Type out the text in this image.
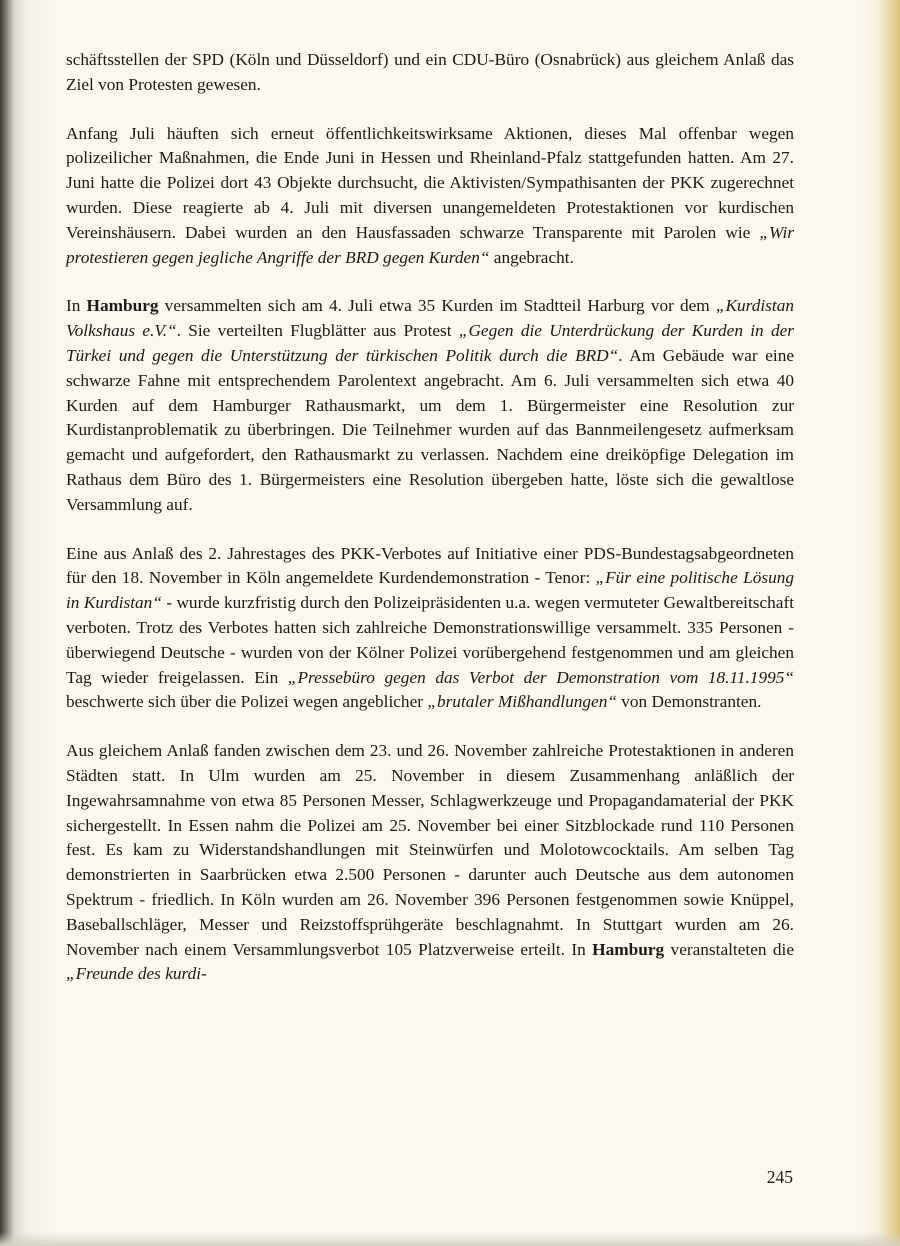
schäftsstellen der SPD (Köln und Düsseldorf) und ein CDU-Büro (Osnabrück) aus gleichem Anlaß das Ziel von Protesten gewesen.

Anfang Juli häuften sich erneut öffentlichkeitswirksame Aktionen, dieses Mal offenbar wegen polizeilicher Maßnahmen, die Ende Juni in Hessen und Rheinland-Pfalz stattgefunden hatten. Am 27. Juni hatte die Polizei dort 43 Objekte durchsucht, die Aktivisten/Sympathisanten der PKK zugerechnet wurden. Diese reagierte ab 4. Juli mit diversen unangemeldeten Protestaktionen vor kurdischen Vereinshäusern. Dabei wurden an den Hausfassaden schwarze Transparente mit Parolen wie „Wir protestieren gegen jegliche Angriffe der BRD gegen Kurden“ angebracht.

In Hamburg versammelten sich am 4. Juli etwa 35 Kurden im Stadtteil Harburg vor dem „Kurdistan Volkshaus e.V.“. Sie verteilten Flugblätter aus Protest „Gegen die Unterdrückung der Kurden in der Türkei und gegen die Unterstützung der türkischen Politik durch die BRD“. Am Gebäude war eine schwarze Fahne mit entsprechendem Parolentext angebracht. Am 6. Juli versammelten sich etwa 40 Kurden auf dem Hamburger Rathausmarkt, um dem 1. Bürgermeister eine Resolution zur Kurdistanproblematik zu überbringen. Die Teilnehmer wurden auf das Bannmeilengesetz aufmerksam gemacht und aufgefordert, den Rathausmarkt zu verlassen. Nachdem eine dreiköpfige Delegation im Rathaus dem Büro des 1. Bürgermeisters eine Resolution übergeben hatte, löste sich die gewaltlose Versammlung auf.

Eine aus Anlaß des 2. Jahrestages des PKK-Verbotes auf Initiative einer PDS-Bundestagsabgeordneten für den 18. November in Köln angemeldete Kurdendemonstration - Tenor: „Für eine politische Lösung in Kurdistan“ - wurde kurzfristig durch den Polizeipräsidenten u.a. wegen vermuteter Gewaltbereitschaft verboten. Trotz des Verbotes hatten sich zahlreiche Demonstrationswillige versammelt. 335 Personen - überwiegend Deutsche - wurden von der Kölner Polizei vorübergehend festgenommen und am gleichen Tag wieder freigelassen. Ein „Pressebüro gegen das Verbot der Demonstration vom 18.11.1995“ beschwerte sich über die Polizei wegen angeblicher „brutaler Mißhandlungen“ von Demonstranten.

Aus gleichem Anlaß fanden zwischen dem 23. und 26. November zahlreiche Protestaktionen in anderen Städten statt. In Ulm wurden am 25. November in diesem Zusammenhang anläßlich der Ingewahrsamnahme von etwa 85 Personen Messer, Schlagwerkzeuge und Propagandamaterial der PKK sichergestellt. In Essen nahm die Polizei am 25. November bei einer Sitzblockade rund 110 Personen fest. Es kam zu Widerstandshandlungen mit Steinwürfen und Molotowcocktails. Am selben Tag demonstrierten in Saarbrücken etwa 2.500 Personen - darunter auch Deutsche aus dem autonomen Spektrum - friedlich. In Köln wurden am 26. November 396 Personen festgenommen sowie Knüppel, Baseballschläger, Messer und Reizstoffsprühgeräte beschlagnahmt. In Stuttgart wurden am 26. November nach einem Versammlungsverbot 105 Platzverweise erteilt. In Hamburg veranstalteten die „Freunde des kurdi-

245
